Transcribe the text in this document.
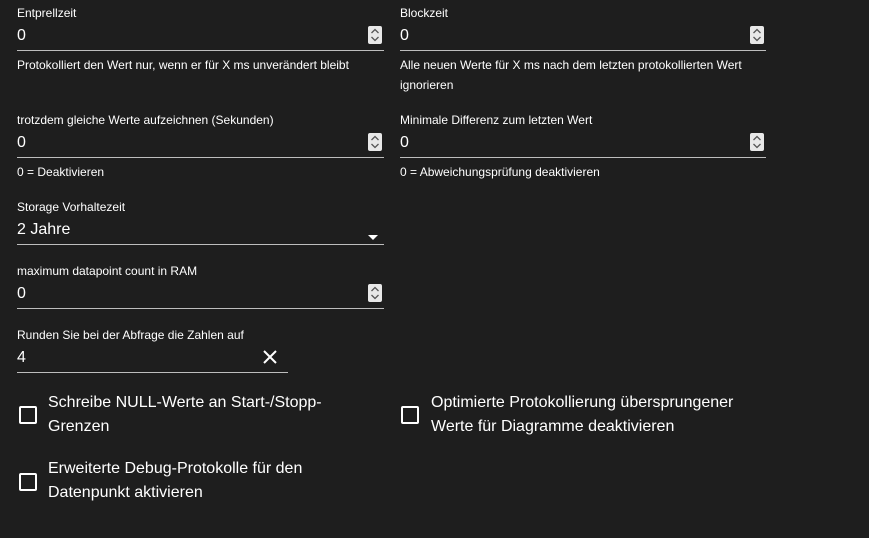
Entprellzeit
0
Protokolliert den Wert nur, wenn er für X ms unverändert bleibt
Blockzeit
0
Alle neuen Werte für X ms nach dem letzten protokollierten Wert
ignorieren
trotzdem gleiche Werte aufzeichnen (Sekunden)
0
0 = Deaktivieren
Minimale Differenz zum letzten Wert
0
0 = Abweichungsprüfung deaktivieren
Storage Vorhaltezeit
2 Jahre
maximum datapoint count in RAM
0
Runden Sie bei der Abfrage die Zahlen auf
4
Schreibe NULL-Werte an Start-/Stopp-
Grenzen
Optimierte Protokollierung übersprungener
Werte für Diagramme deaktivieren
Erweiterte Debug-Protokolle für den
Datenpunkt aktivieren
